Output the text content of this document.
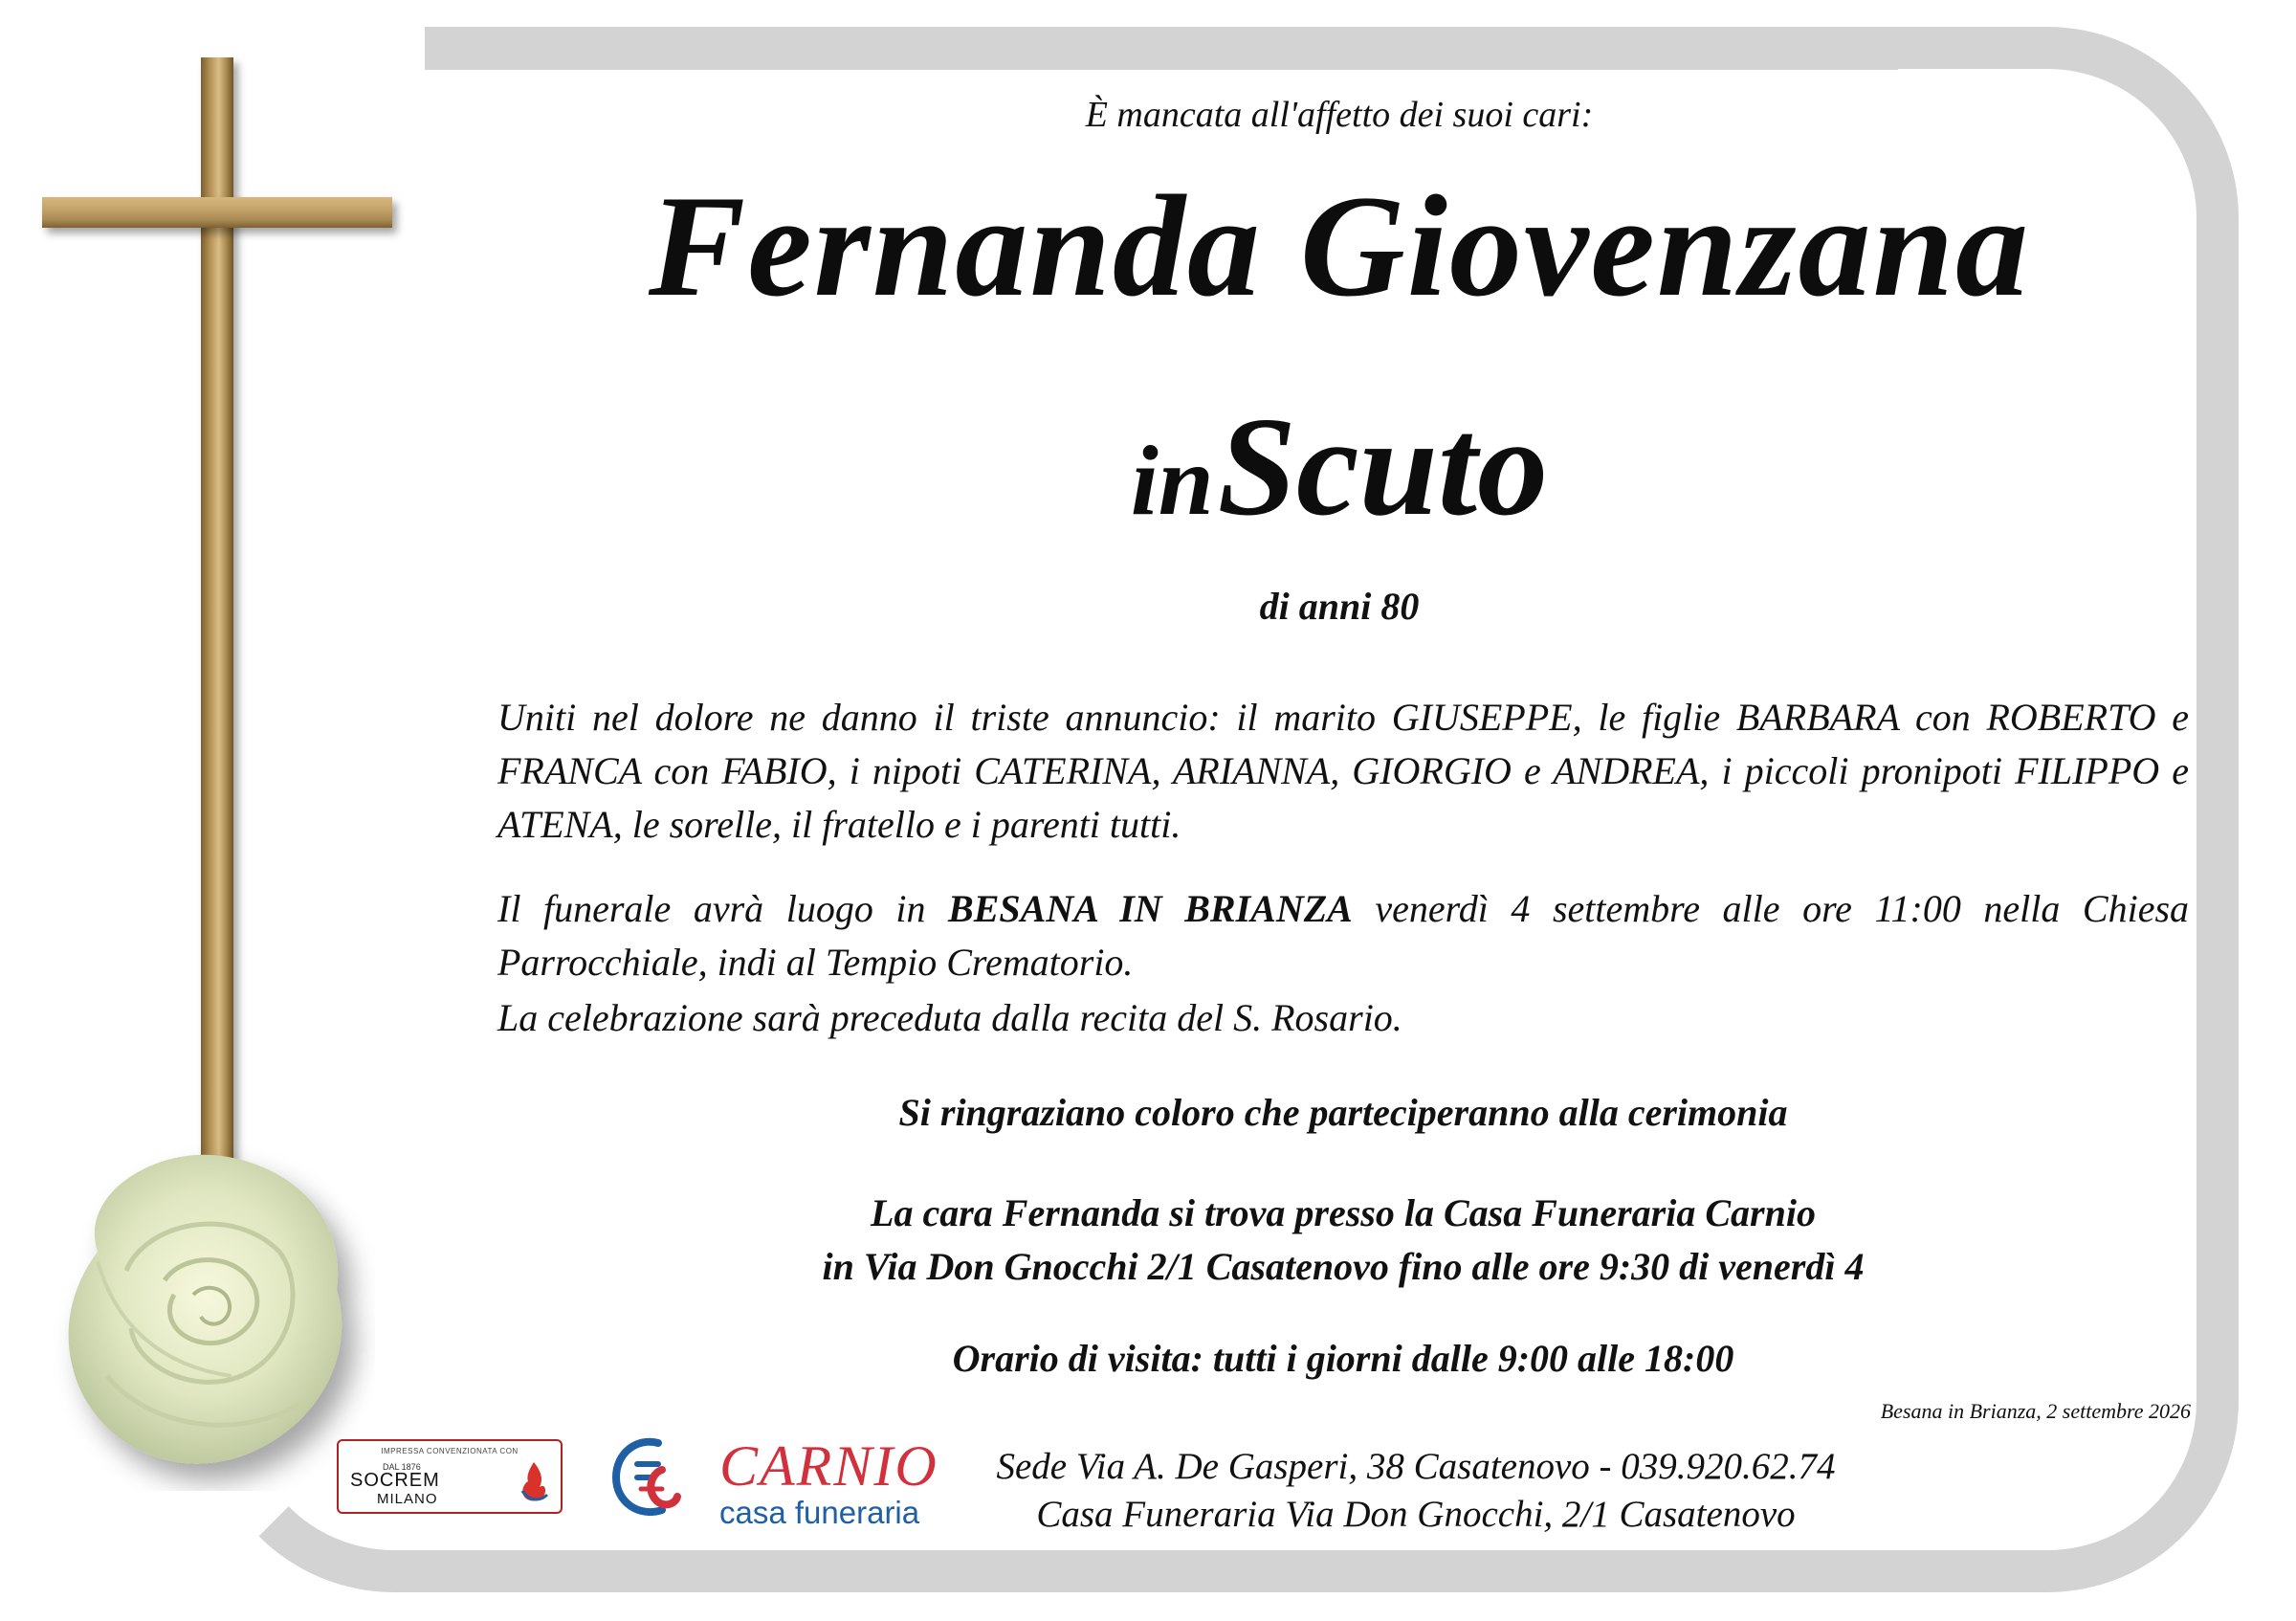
È mancata all'affetto dei suoi cari:
Fernanda Giovenzana
in Scuto
di anni 80
Uniti nel dolore ne danno il triste annuncio: il marito GIUSEPPE, le figlie BARBARA con ROBERTO e FRANCA con FABIO, i nipoti CATERINA, ARIANNA, GIORGIO e ANDREA, i piccoli pronipoti FILIPPO e ATENA, le sorelle, il fratello e i parenti tutti.
Il funerale avrà luogo in BESANA IN BRIANZA venerdì 4 settembre alle ore 11:00 nella Chiesa Parrocchiale, indi al Tempio Crematorio.
La celebrazione sarà preceduta dalla recita del S. Rosario.
Si ringraziano coloro che parteciperanno alla cerimonia
La cara Fernanda si trova presso la Casa Funeraria Carnio
in Via Don Gnocchi 2/1 Casatenovo fino alle ore 9:30 di venerdì 4
Orario di visita: tutti i giorni dalle 9:00 alle 18:00
Besana in Brianza, 2 settembre 2026
IMPRESSA CONVENZIONATA CON
DAL 1876
SOCREM
MILANO
CARNIO
casa funeraria
Sede Via A. De Gasperi, 38 Casatenovo - 039.920.62.74
Casa Funeraria Via Don Gnocchi, 2/1 Casatenovo
